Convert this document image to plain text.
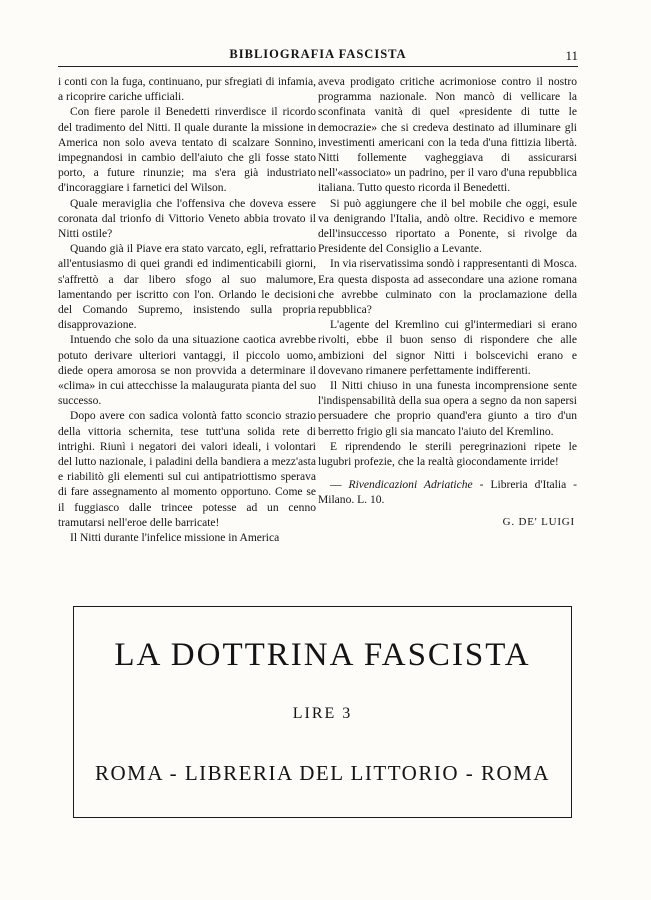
BIBLIOGRAFIA FASCISTA	11

i conti con la fuga, continuano, pur sfregiati di infamia, a ricoprire cariche ufficiali.

Con fiere parole il Benedetti rinverdisce il ricordo del tradimento del Nitti. Il quale durante la missione in America non solo aveva tentato di scalzare Sonnino, impegnandosi in cambio dell'aiuto che gli fosse stato porto, a future rinunzie; ma s'era già industriato d'incoraggiare i farnetici del Wilson.

Quale meraviglia che l'offensiva che doveva essere coronata dal trionfo di Vittorio Veneto abbia trovato il Nitti ostile?

Quando già il Piave era stato varcato, egli, refrattario all'entusiasmo di quei grandi ed indimenticabili giorni, s'affrettò a dar libero sfogo al suo malumore, lamentando per iscritto con l'on. Orlando le decisioni del Comando Supremo, insistendo sulla propria disapprovazione.

Intuendo che solo da una situazione caotica avrebbe potuto derivare ulteriori vantaggi, il piccolo uomo, diede opera amorosa se non provvida a determinare il «clima» in cui attecchisse la malaugurata pianta del suo successo.

Dopo avere con sadica volontà fatto sconcio strazio della vittoria schernita, tese tutt'una solida rete di intrighi. Riunì i negatori dei valori ideali, i volontari del lutto nazionale, i paladini della bandiera a mezz'asta e riabilitò gli elementi sul cui antipatriottismo sperava di fare assegnamento al momento opportuno. Come se il fuggiasco dalle trincee potesse ad un cenno tramutarsi nell'eroe delle barricate!

Il Nitti durante l'infelice missione in America

aveva prodigato critiche acrimoniose contro il nostro programma nazionale. Non mancò di vellicare la sconfinata vanità di quel «presidente di tutte le democrazie» che si credeva destinato ad illuminare gli investimenti americani con la teda d'una fittizia libertà. Nitti follemente vagheggiava di assicurarsi nell'«associato» un padrino, per il varo d'una repubblica italiana. Tutto questo ricorda il Benedetti.

Si può aggiungere che il bel mobile che oggi, esule va denigrando l'Italia, andò oltre. Recidivo e memore dell'insuccesso riportato a Ponente, si rivolge da Presidente del Consiglio a Levante.

In via riservatissima sondò i rappresentanti di Mosca. Era questa disposta ad assecondare una azione romana che avrebbe culminato con la proclamazione della repubblica?

L'agente del Kremlino cui gl'intermediari si erano rivolti, ebbe il buon senso di rispondere che alle ambizioni del signor Nitti i bolscevichi erano e dovevano rimanere perfettamente indifferenti.

Il Nitti chiuso in una funesta incomprensione sente l'indispensabilità della sua opera a segno da non sapersi persuadere che proprio quand'era giunto a tiro d'un berretto frigio gli sia mancato l'aiuto del Kremlino.

E riprendendo le sterili peregrinazioni ripete le lugubri profezie, che la realtà giocondamente irride!

— Rivendicazioni Adriatiche - Libreria d'Italia - Milano. L. 10.

G. DE' LUIGI
LA DOTTRINA FASCISTA
LIRE 3
ROMA - LIBRERIA DEL LITTORIO - ROMA
